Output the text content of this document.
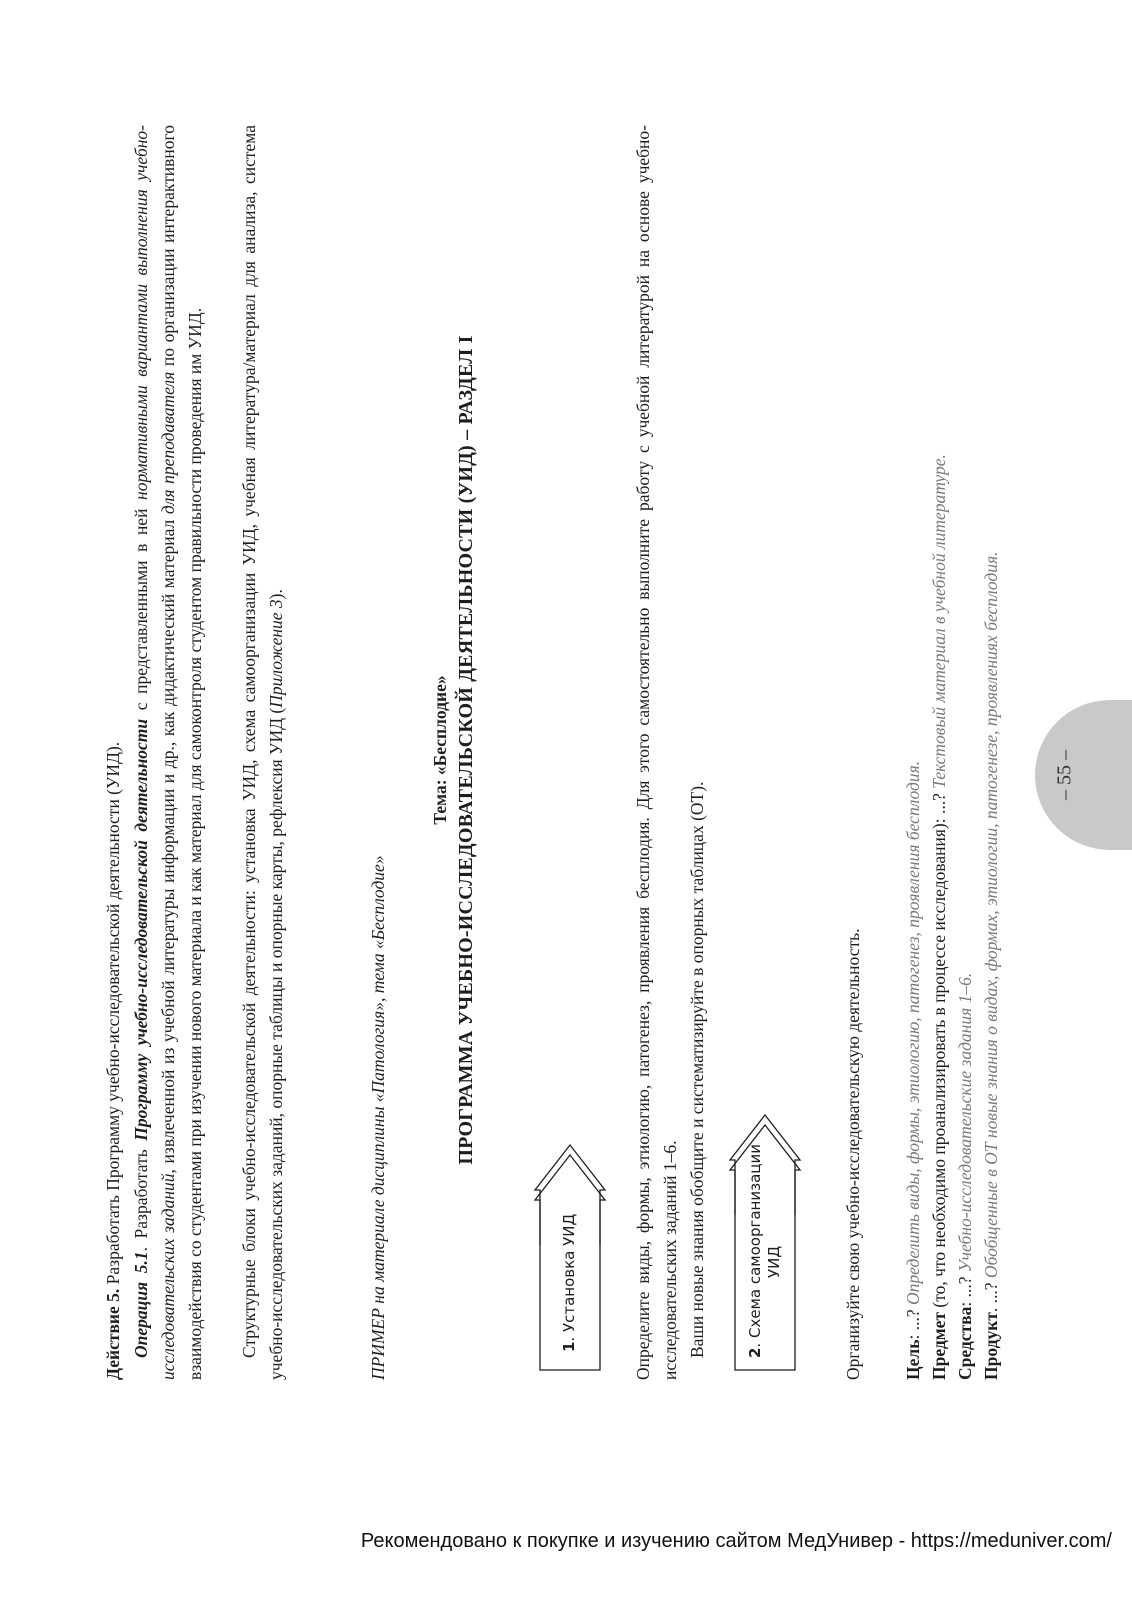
Действие 5. Разработать Программу учебно-исследовательской деятельности (УИД).

Операция 5.1. Разработать Программу учебно-исследовательской деятельности с представленными в ней нормативными вариантами выполнения учебно-исследовательских заданий, извлеченной из учебной литературы информации и др., как дидактический материал для преподавателя по организации интерактивного взаимодействия со студентами при изучении нового материала и как материал для самоконтроля студентом правильности проведения им УИД. Структурные блоки учебно-исследовательской деятельности: установка УИД, схема самоорганизации УИД, учебная литература/материал для анализа, система учебно-исследовательских заданий, опорные таблицы и опорные карты, рефлексия УИД (Приложение 3).

ПРИМЕР на материале дисциплины «Патология», тема «Бесплодие»

Тема: «Бесплодие» ПРОГРАММА УЧЕБНО-ИССЛЕДОВАТЕЛЬСКОЙ ДЕЯТЕЛЬНОСТИ (УИД) – РАЗДЕЛ I

1. Установка УИД	Определите виды, формы, этиологию, патогенез, проявления бесплодия. Для этого самостоятельно выполните работу с учебной литературой на основе учебно-исследовательских заданий 1–6. Ваши новые знания обобщите и систематизируйте в опорных таблицах (ОТ).	2. Схема самоорганизации
УИД	Организуйте свою учебно-исследовательскую деятельность. Цель: ...? Определить виды, формы, этиологию, патогенез, проявления бесплодия.

Предмет (то, что необходимо проанализировать в процессе исследования): ...? Текстовый материал в учебной литературе.

Средства: ...? Учебно-исследовательские задания 1–6.

Продукт. ...? Обобщенные в ОТ новые знания о видах, формах, этиологии, патогенезе, проявлениях бесплодия.	– 55 –
Рекомендовано к покупке и изучению сайтом МедУнивер - https://meduniver.com/
